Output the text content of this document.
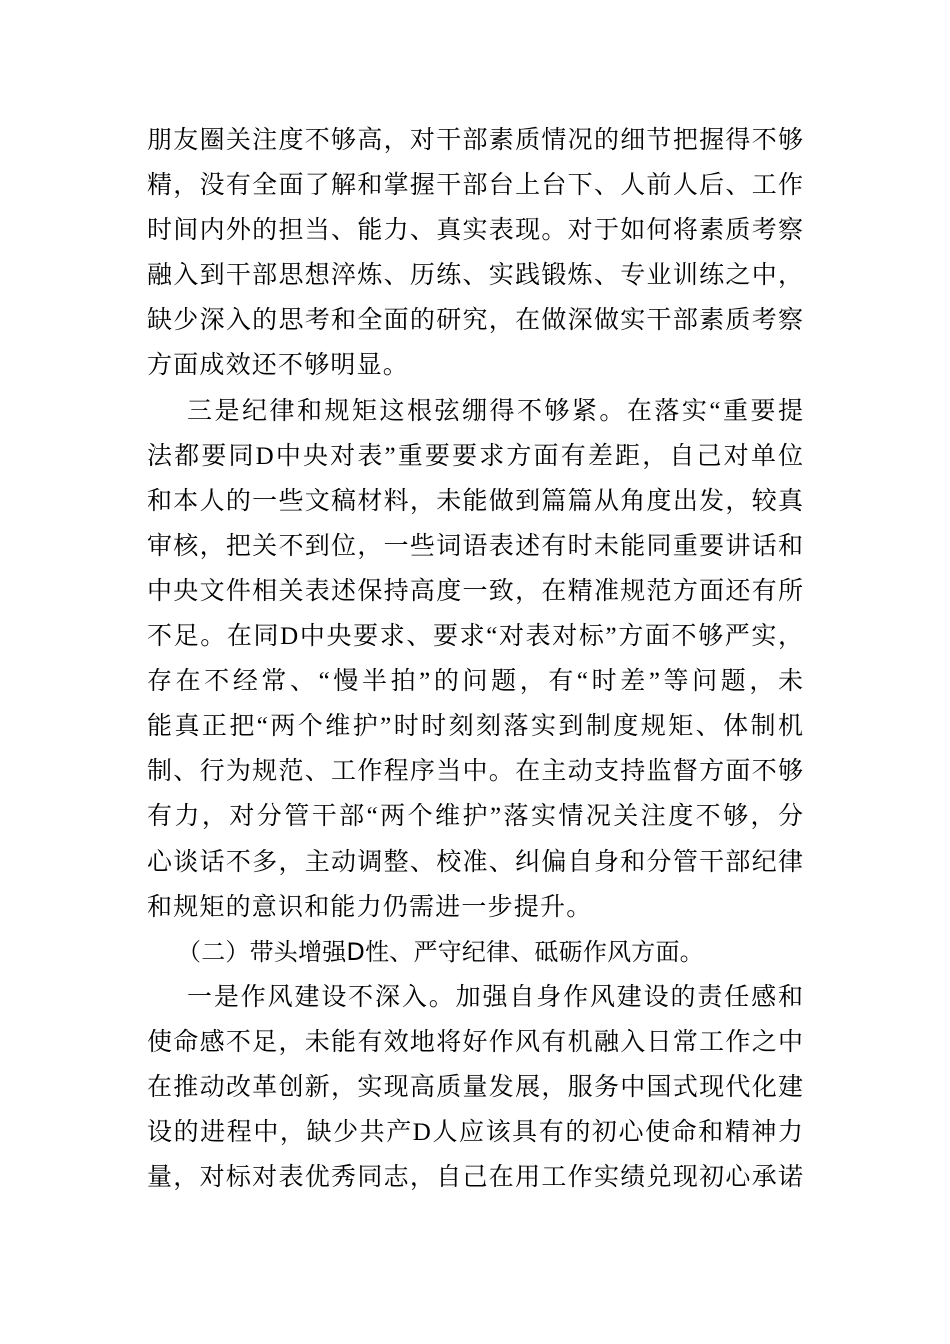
朋友圈关注度不够高，对干部素质情况的细节把握得不够
精，没有全面了解和掌握干部台上台下、人前人后、工作
时间内外的担当、能力、真实表现。对于如何将素质考察
融入到干部思想淬炼、历练、实践锻炼、专业训练之中，
缺少深入的思考和全面的研究，在做深做实干部素质考察
方面成效还不够明显。
三是纪律和规矩这根弦绷得不够紧。在落实“重要提
法都要同D中央对表”重要要求方面有差距，自己对单位
和本人的一些文稿材料，未能做到篇篇从角度出发，较真
审核，把关不到位，一些词语表述有时未能同重要讲话和
中央文件相关表述保持高度一致，在精准规范方面还有所
不足。在同D中央要求、要求“对表对标”方面不够严实，
存在不经常、“慢半拍”的问题，有“时差”等问题，未
能真正把“两个维护”时时刻刻落实到制度规矩、体制机
制、行为规范、工作程序当中。在主动支持监督方面不够
有力，对分管干部“两个维护”落实情况关注度不够，分
心谈话不多，主动调整、校准、纠偏自身和分管干部纪律
和规矩的意识和能力仍需进一步提升。
（二）带头增强D性、严守纪律、砥砺作风方面。
一是作风建设不深入。加强自身作风建设的责任感和
使命感不足，未能有效地将好作风有机融入日常工作之中
在推动改革创新，实现高质量发展，服务中国式现代化建
设的进程中，缺少共产D人应该具有的初心使命和精神力
量，对标对表优秀同志，自己在用工作实绩兑现初心承诺
